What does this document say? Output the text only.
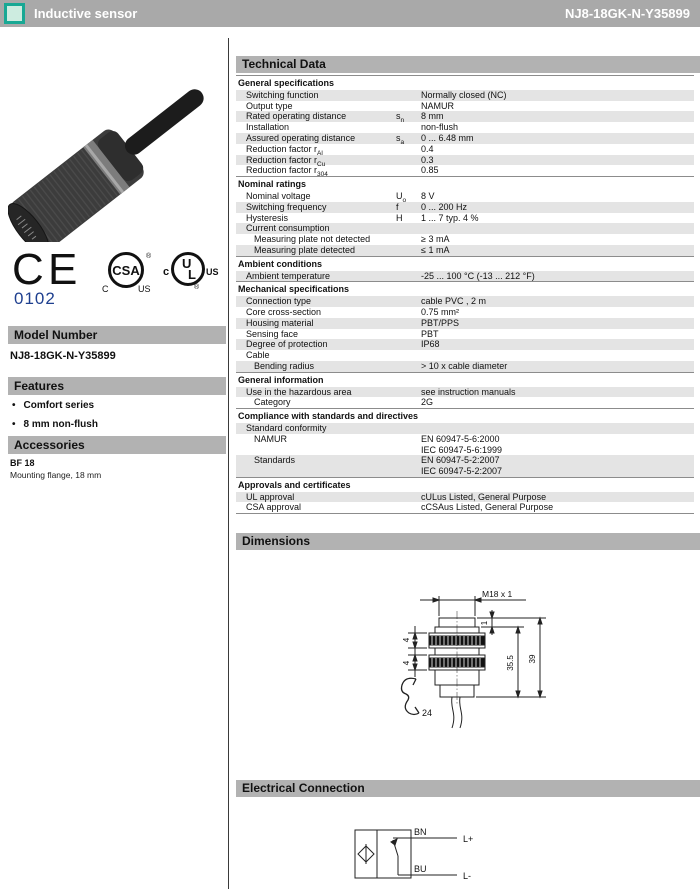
Inductive sensor	NJ8-18GK-N-Y35899
C E
0102
CSA
®
C	US
U
L
c	US
®
Model Number
NJ8-18GK-N-Y35899
Features
• Comfort series
• 8 mm non-flush
Accessories
BF 18
Mounting flange, 18 mm
Technical Data
General specifications
Switching function	Normally closed (NC)
Output type	NAMUR
Rated operating distance	$s_n$	8 mm
Installation	non-flush
Assured operating distance	$s_a$	0 ... 6.48 mm
Reduction factor $r_{Al}$	0.4
Reduction factor $r_{Cu}$	0.3
Reduction factor $r_{304}$	0.85
Nominal ratings
Nominal voltage	$U_o$	8 V
Switching frequency	f	0 ... 200 Hz
Hysteresis	H	1 ... 7 typ. 4 %
Current consumption
Measuring plate not detected	≥ 3 mA
Measuring plate detected	≤ 1 mA
Ambient conditions
Ambient temperature	-25 ... 100 °C (-13 ... 212 °F)
Mechanical specifications
Connection type	cable PVC , 2 m
Core cross-section	0.75 mm²
Housing material	PBT/PPS
Sensing face	PBT
Degree of protection	IP68
Cable
Bending radius	> 10 x cable diameter
General information
Use in the hazardous area	see instruction manuals
Category	2G
Compliance with standards and directives
Standard conformity
NAMUR	EN 60947-5-6:2000
IEC 60947-5-6:1999
Standards	EN 60947-5-2:2007
IEC 60947-5-2:2007
Approvals and certificates
UL approval	cULus Listed, General Purpose
CSA approval	cCSAus Listed, General Purpose
Dimensions
M18 x 1
1
35.5 39
4
4
24
Electrical Connection
BN
BU
L+
L-
